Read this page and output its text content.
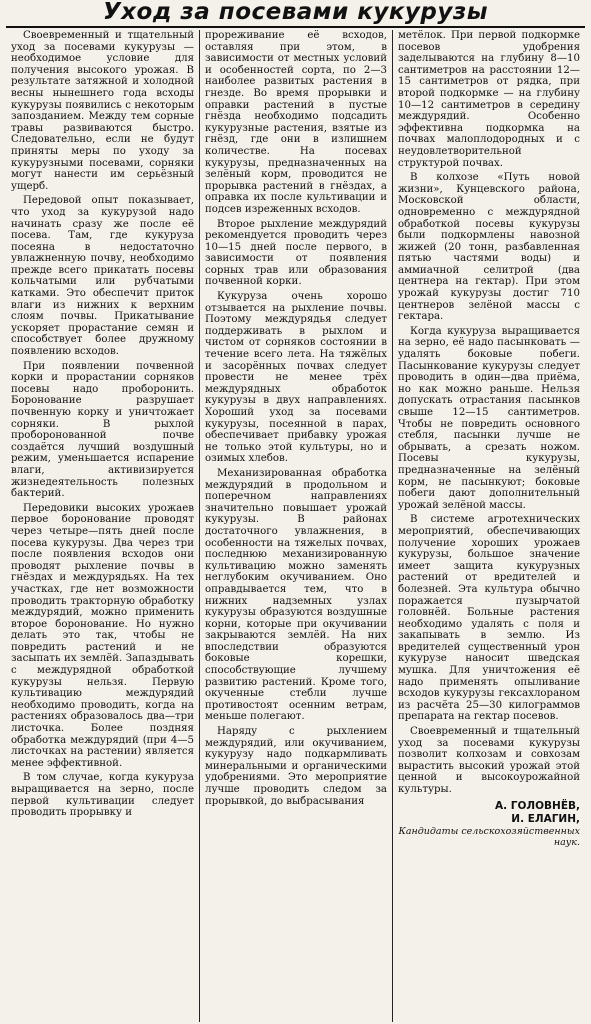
Уход за посевами кукурузы

Своевременный и тщательный уход за посевами кукурузы — необходимое условие для получения высокого урожая. В результате затяжной и холодной весны нынешнего года всходы кукурузы появились с некоторым запозданием. Между тем сорные травы развиваются быстро. Следовательно, если не будут приняты меры по уходу за кукурузными посевами, сорняки могут нанести им серьёзный ущерб.

Передовой опыт показывает, что уход за кукурузой надо начинать сразу же после её посева. Там, где кукуруза посеяна в недостаточно увлажненную почву, необходимо прежде всего прикатать посевы кольчатыми или рубчатыми катками. Это обеспечит приток влаги из нижних к верхним слоям почвы. Прикатывание ускоряет прорастание семян и способствует более дружному появлению всходов.

При появлении почвенной корки и прорастании сорняков посевы надо проборонить. Боронование разрушает почвенную корку и уничтожает сорняки. В рыхлой проборонованной почве создаётся лучший воздушный режим, уменьшается испарение влаги, активизируется жизнедеятельность полезных бактерий.

Передовики высоких урожаев первое боронование проводят через четыре—пять дней после посева кукурузы. Два через три после появления всходов они проводят рыхление почвы в гнёздах и междурядьях. На тех участках, где нет возможности проводить тракторную обработку междурядий, можно применить второе боронование. Но нужно делать это так, чтобы не повредить растений и не засыпать их землёй. Запаздывать с междурядной обработкой кукурузы нельзя. Первую культивацию междурядий необходимо проводить, когда на растениях образовалось два—три листочка. Более поздняя обработка междурядий (при 4—5 листочках на растении) является менее эффективной.

В том случае, когда кукуруза выращивается на зерно, после первой культивации следует проводить прорывку и

прореживание её всходов, оставляя при этом, в зависимости от местных условий и особенностей сорта, по 2—3 наиболее развитых растения в гнезде. Во время прорывки и оправки растений в пустые гнёзда необходимо подсадить кукурузные растения, взятые из гнёзд, где они в излишнем количестве. На посевах кукурузы, предназначенных на зелёный корм, проводится не прорывка растений в гнёздах, а оправка их после культивации и подсев изреженных всходов.

Второе рыхление междурядий рекомендуется проводить через 10—15 дней после первого, в зависимости от появления сорных трав или образования почвенной корки.

Кукуруза очень хорошо отзывается на рыхление почвы. Поэтому междурядья следует поддерживать в рыхлом и чистом от сорняков состоянии в течение всего лета. На тяжёлых и засорённых почвах следует провести не менее трёх междурядных обработок кукурузы в двух направлениях. Хороший уход за посевами кукурузы, посеянной в парах, обеспечивает прибавку урожая не только этой культуры, но и озимых хлебов.

Механизированная обработка междурядий в продольном и поперечном направлениях значительно повышает урожай кукурузы. В районах достаточного увлажнения, в особенности на тяжелых почвах, последнюю механизированную культивацию можно заменять неглубоким окучиванием. Оно оправдывается тем, что в нижних надземных узлах кукурузы образуются воздушные корни, которые при окучивании закрываются землёй. На них впоследствии образуются боковые корешки, способствующие лучшему развитию растений. Кроме того, окученные стебли лучше противостоят осенним ветрам, меньше полегают.

Наряду с рыхлением междурядий, или окучиванием, кукурузу надо подкармливать минеральными и органическими удобрениями. Это мероприятие лучше проводить следом за прорывкой, до выбрасывания

метёлок. При первой подкормке посевов удобрения заделываются на глубину 8—10 сантиметров на расстоянии 12—15 сантиметров от рядка, при второй подкормке — на глубину 10—12 сантиметров в середину междурядий. Особенно эффективна подкормка на почвах малоплодородных и с неудовлетворительной структурой почвах.

В колхозе «Путь новой жизни», Кунцевского района, Московской области, одновременно с междурядной обработкой посевы кукурузы были подкормлены навозной жижей (20 тонн, разбавленная пятью частями воды) и аммиачной селитрой (два центнера на гектар). При этом урожай кукурузы достиг 710 центнеров зелёной массы с гектара.

Когда кукуруза выращивается на зерно, её надо пасынковать — удалять боковые побеги. Пасынкование кукурузы следует проводить в один—два приёма, но как можно раньше. Нельзя допускать отрастания пасынков свыше 12—15 сантиметров. Чтобы не повредить основного стебля, пасынки лучше не обрывать, а срезать ножом. Посевы кукурузы, предназначенные на зелёный корм, не пасынкуют; боковые побеги дают дополнительный урожай зелёной массы.

В системе агротехнических мероприятий, обеспечивающих получение хороших урожаев кукурузы, большое значение имеет защита кукурузных растений от вредителей и болезней. Эта культура обычно поражается пузырчатой головнёй. Больные растения необходимо удалять с поля и закапывать в землю. Из вредителей существенный урон кукурузе наносит шведская мушка. Для уничтожения её надо применять опыливание всходов кукурузы гексахлораном из расчёта 25—30 килограммов препарата на гектар посевов.

Своевременный и тщательный уход за посевами кукурузы позволит колхозам и совхозам вырастить высокий урожай этой ценной и высокоурожайной культуры.

А. ГОЛОВНЁВ,
И. ЕЛАГИН,
Кандидаты сельскохозяйственных наук.
